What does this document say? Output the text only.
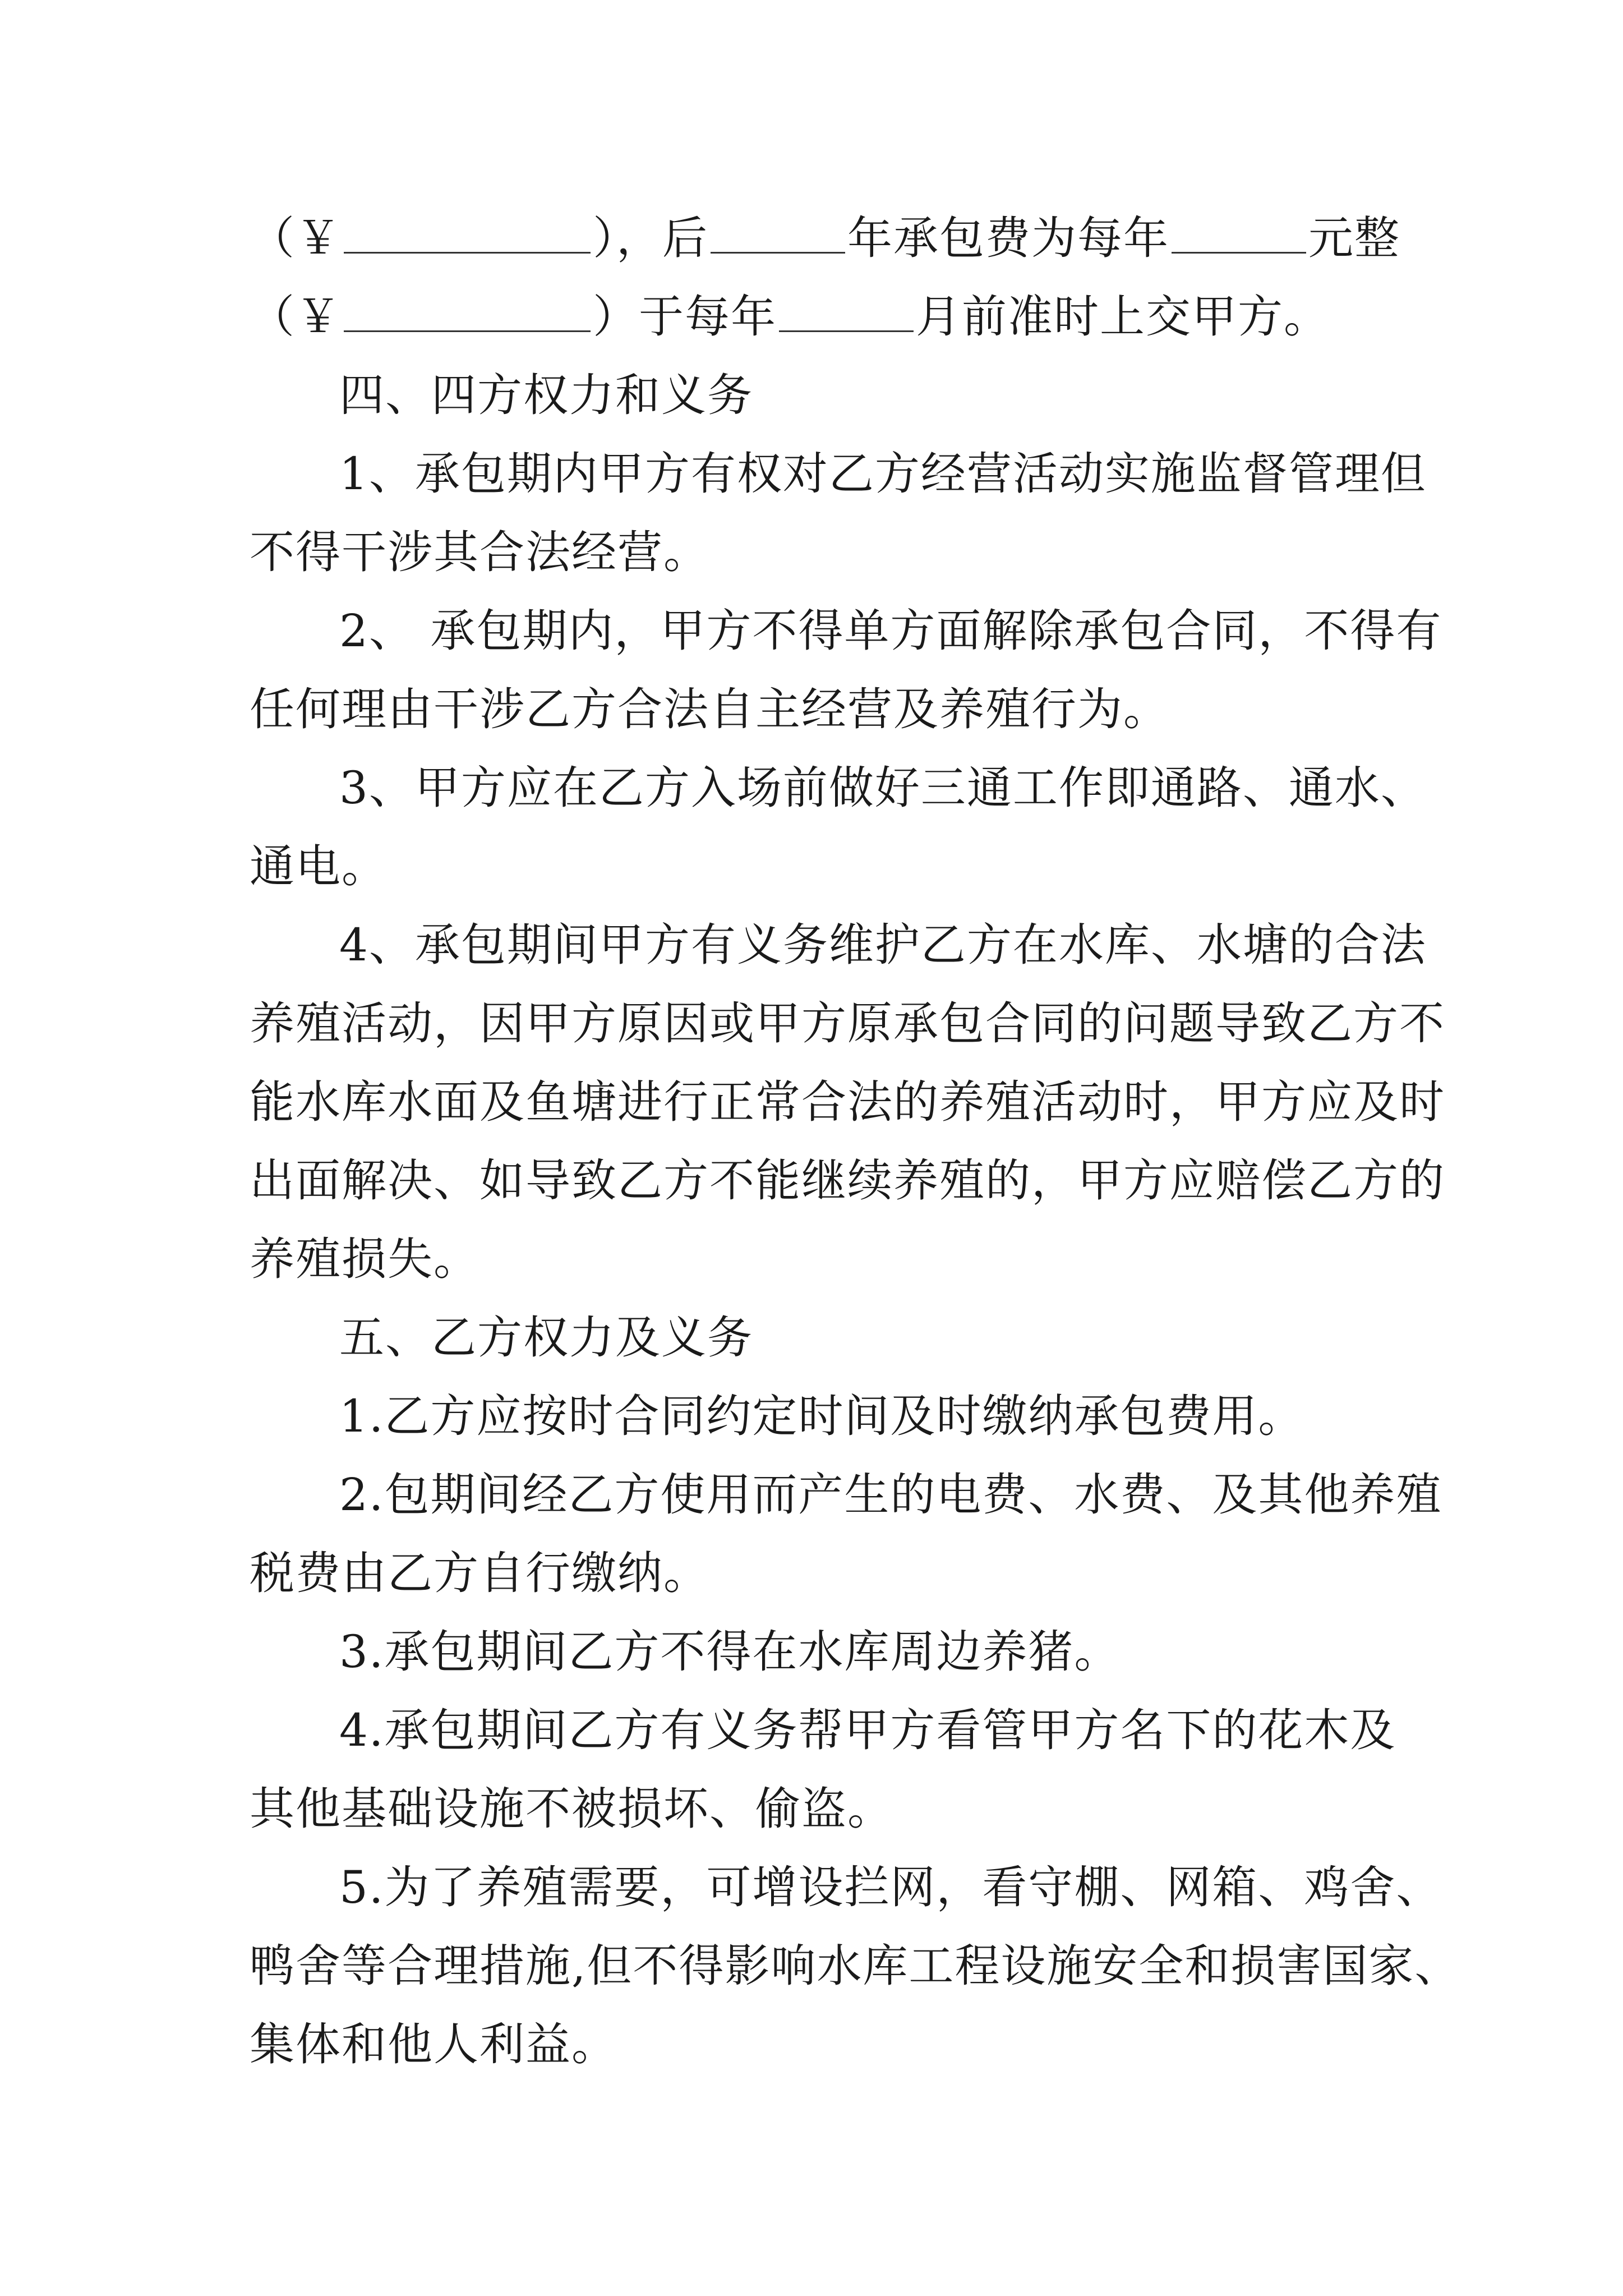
（￥	），后	年承包费为每年	元整
（￥	）于每年	月前准时上交甲方。
四、四方权力和义务
1、承包期内甲方有权对乙方经营活动实施监督管理但
不得干涉其合法经营。
2、 承包期内，甲方不得单方面解除承包合同，不得有
任何理由干涉乙方合法自主经营及养殖行为。
3、甲方应在乙方入场前做好三通工作即通路、通水、
通电。
4、承包期间甲方有义务维护乙方在水库、水塘的合法
养殖活动，因甲方原因或甲方原承包合同的问题导致乙方不
能水库水面及鱼塘进行正常合法的养殖活动时，甲方应及时
出面解决、如导致乙方不能继续养殖的，甲方应赔偿乙方的
养殖损失。
五、乙方权力及义务
1.乙方应按时合同约定时间及时缴纳承包费用。
2.包期间经乙方使用而产生的电费、水费、及其他养殖
税费由乙方自行缴纳。
3.承包期间乙方不得在水库周边养猪。
4.承包期间乙方有义务帮甲方看管甲方名下的花木及
其他基础设施不被损坏、偷盗。
5.为了养殖需要，可增设拦网，看守棚、网箱、鸡舍、
鸭舍等合理措施,但不得影响水库工程设施安全和损害国家、
集体和他人利益。
